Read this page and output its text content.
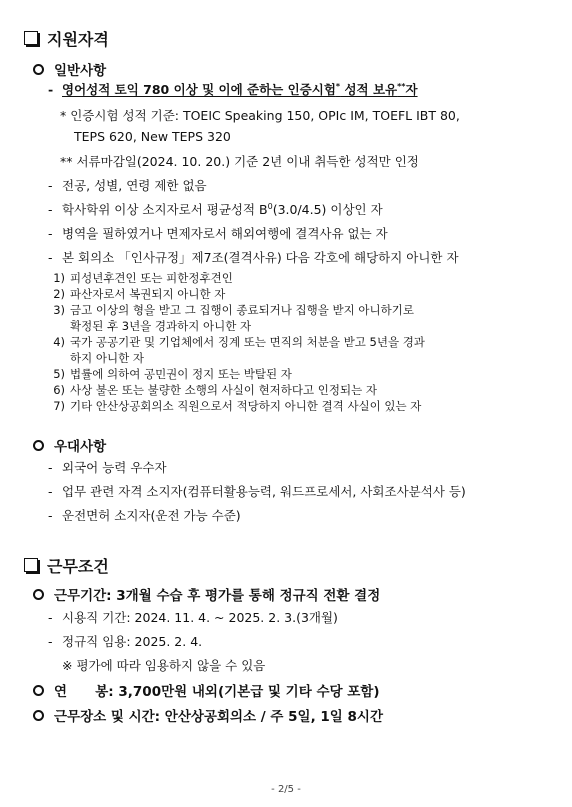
지원자격
일반사항
- 영어성적 토익 780 이상 및 이에 준하는 인증시험* 성적 보유**자
* 인증시험 성적 기준: TOEIC Speaking 150, OPIc IM, TOEFL IBT 80,
TEPS 620, New TEPS 320
** 서류마감일(2024. 10. 20.) 기준 2년 이내 취득한 성적만 인정
- 전공, 성별, 연령 제한 없음
- 학사학위 이상 소지자로서 평균성적 $B^0(3.0/4.5)$ 이상인 자
- 병역을 필하였거나 면제자로서 해외여행에 결격사유 없는 자
- 본 회의소 「인사규정」제7조(결격사유) 다음 각호에 해당하지 아니한 자
1) 피성년후견인 또는 피한정후견인
2) 파산자로서 복권되지 아니한 자
3) 금고 이상의 형을 받고 그 집행이 종료되거나 집행을 받지 아니하기로
확정된 후 3년을 경과하지 아니한 자
4) 국가 공공기관 및 기업체에서 징계 또는 면직의 처분을 받고 5년을 경과
하지 아니한 자
5) 법률에 의하여 공민권이 정지 또는 박탈된 자
6) 사상 불온 또는 불량한 소행의 사실이 현저하다고 인정되는 자
7) 기타 안산상공회의소 직원으로서 적당하지 아니한 결격 사실이 있는 자
우대사항
- 외국어 능력 우수자
- 업무 관련 자격 소지자(컴퓨터활용능력, 워드프로세서, 사회조사분석사 등)
- 운전면허 소지자(운전 가능 수준)
근무조건
근무기간: 3개월 수습 후 평가를 통해 정규직 전환 결정
- 시용직 기간: 2024. 11. 4. ~ 2025. 2. 3.(3개월)
- 정규직 임용: 2025. 2. 4.
※ 평가에 따라 임용하지 않을 수 있음
연      봉: 3,700만원 내외(기본급 및 기타 수당 포함)
근무장소 및 시간: 안산상공회의소 / 주 5일, 1일 8시간
- 2/5 -
